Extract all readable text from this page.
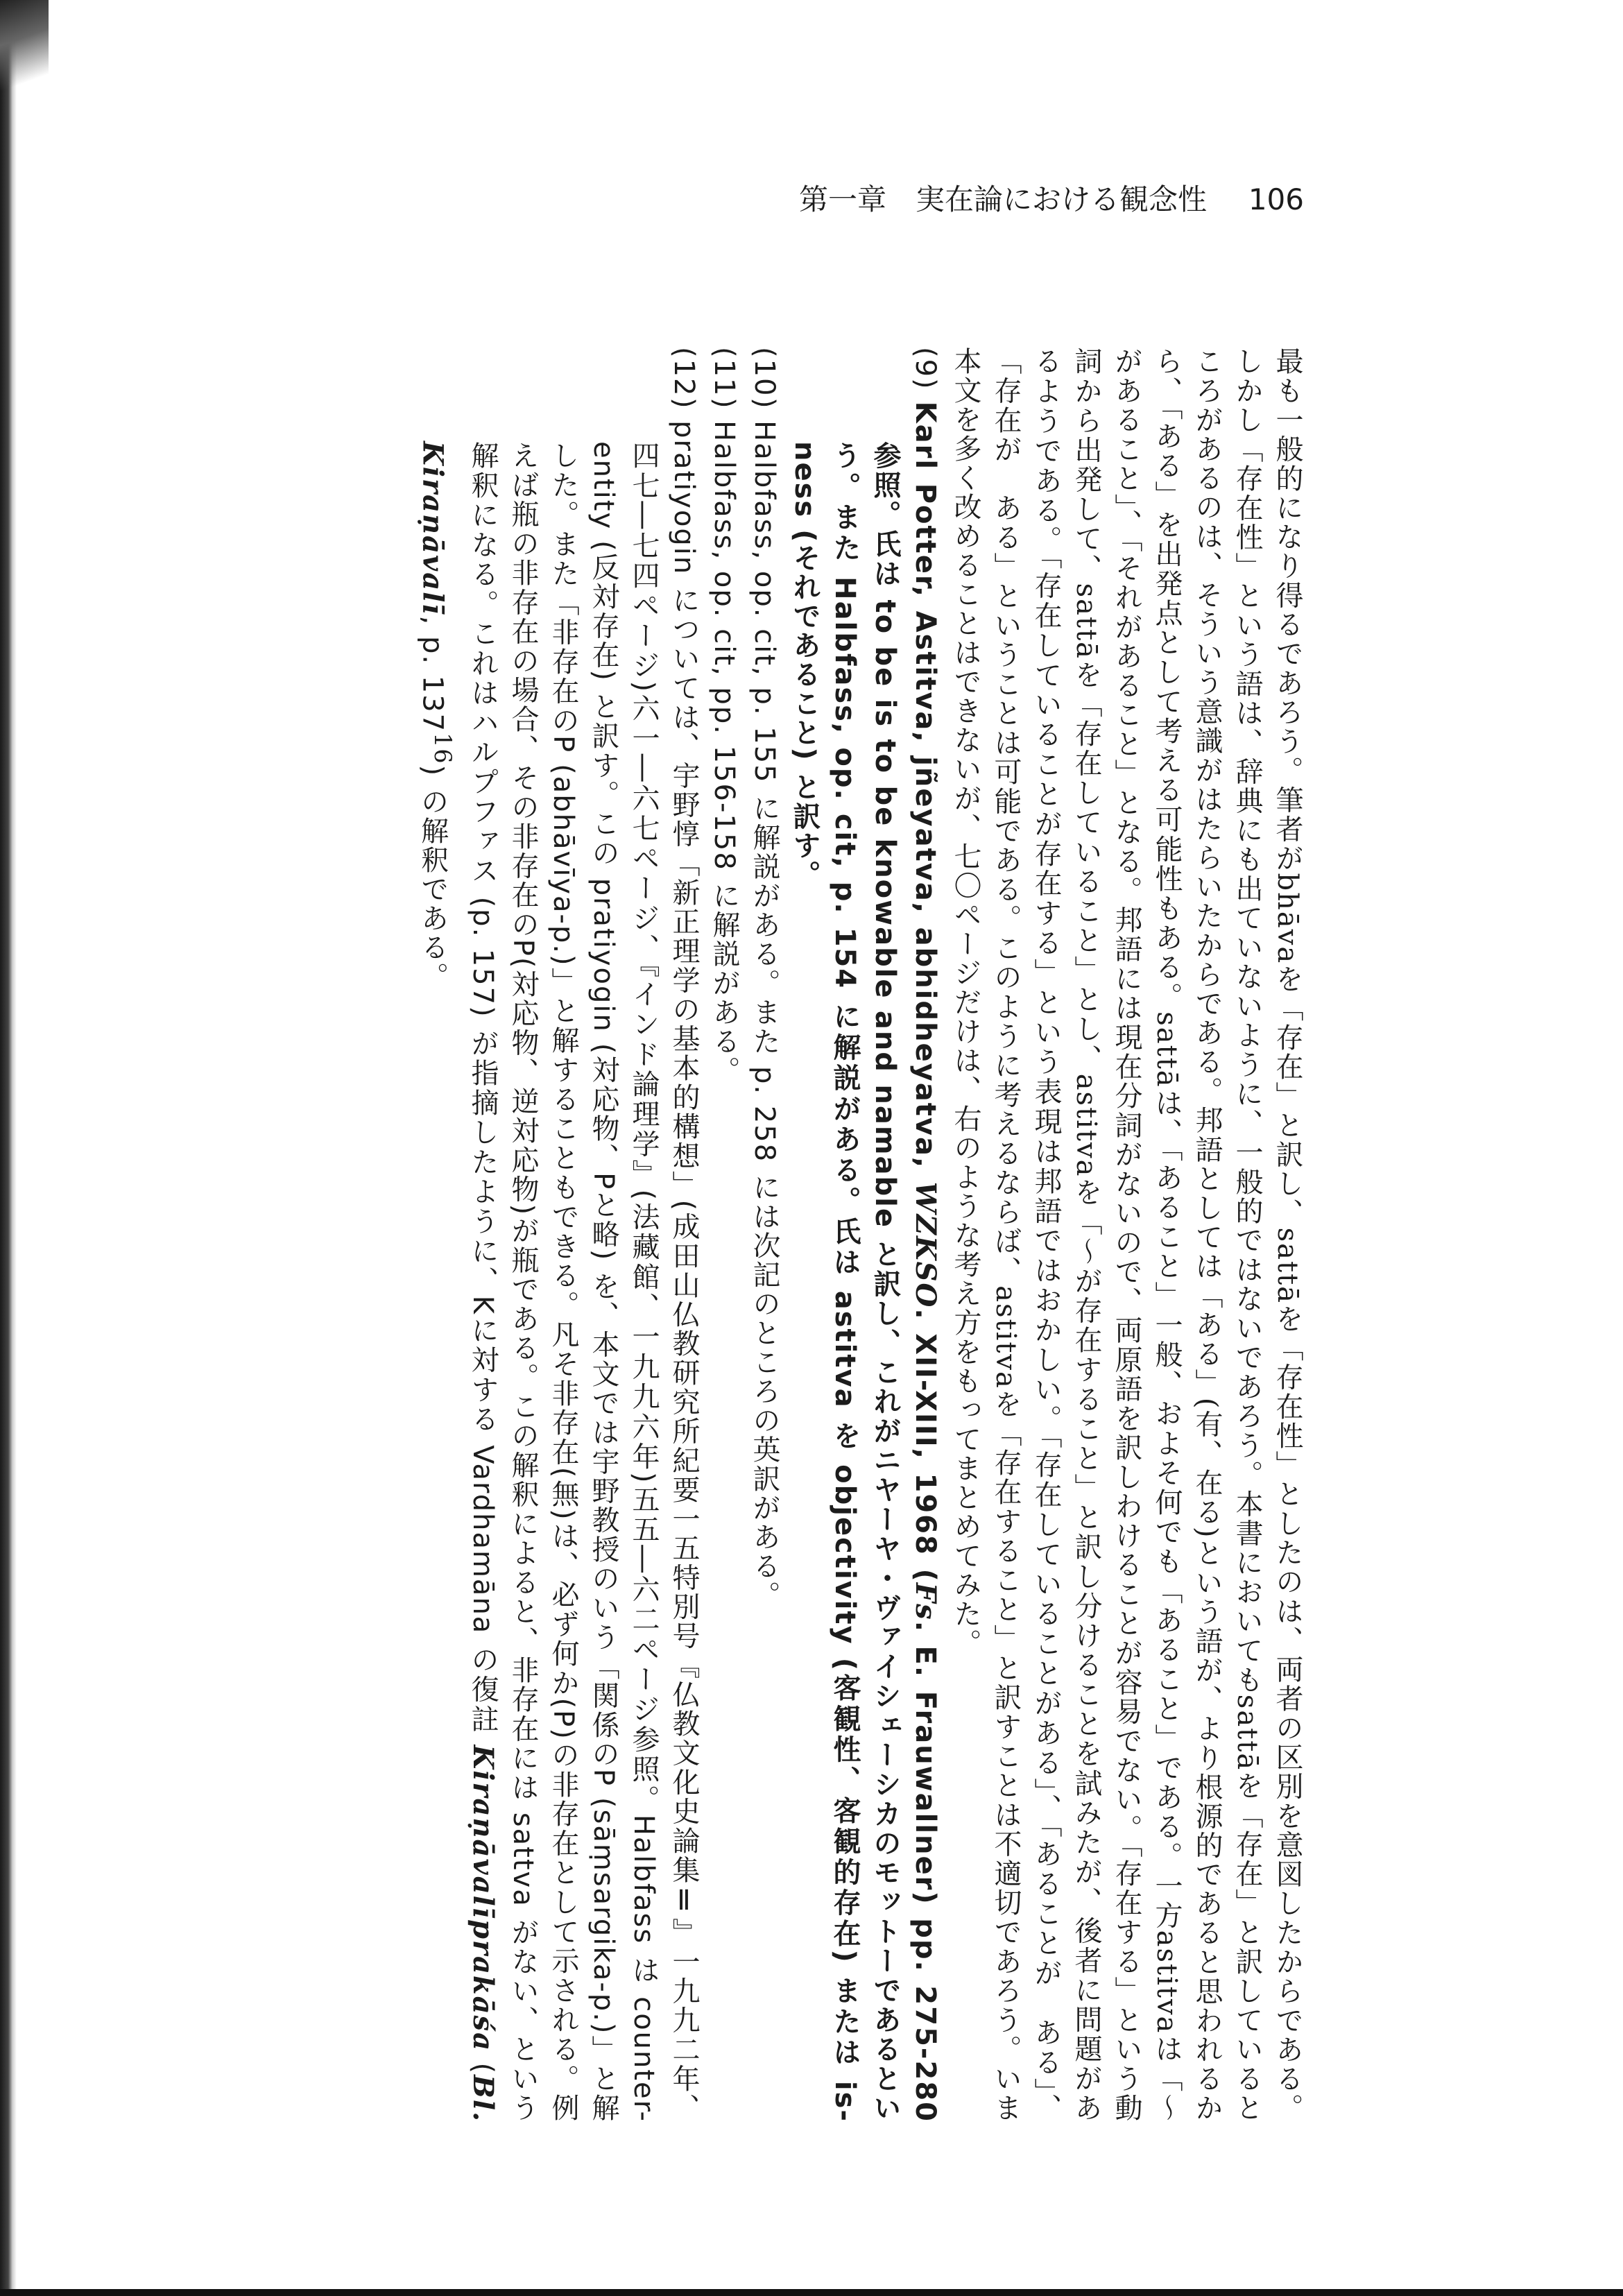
第一章　実在論における観念性 106

最も一般的になり得るであろう。筆者がbhāvaを「存在」と訳し、sattāを「存在性」としたのは、両者の区別を意図したからである。しかし「存在性」という語は、辞典にも出ていないように、一般的ではないであろう。本書においてもsattāを「存在」と訳しているところがあるのは、そういう意識がはたらいたからである。邦語としては「ある」(有、在る)という語が、より根源的であると思われるから、「ある」を出発点として考える可能性もある。sattāは、「あること」一般、およそ何でも「あること」である。一方astitvaは「～があること」、「それがあること」となる。邦語には現在分詞がないので、両原語を訳しわけることが容易でない。「存在する」という動詞から出発して、sattāを「存在していること」とし、astitvaを「～が存在すること」と訳し分けることを試みたが、後者に問題があるようである。「存在していることが存在する」という表現は邦語ではおかしい。「存在していることがある」、「あることが　ある」、「存在が　ある」ということは可能である。このように考えるならば、astitvaを「存在すること」と訳すことは不適切であろう。いま本文を多く改めることはできないが、七〇ページだけは、右のような考え方をもってまとめてみた。

( 9 )Karl Potter, Astitva, jñeyatva, abhidheyatva, WZKSO. XII-XIII, 1968 (Fs. E. Frauwallner) pp. 275-280 参照。氏は to be is to be knowable and namable と訳し、これがニヤーヤ・ヴァイシェーシカのモットーであるという。また Halbfass, op. cit, p. 154 に解説がある。氏は astitva を objectivity (客観性、客観的存在) または is-ness (それであること) と訳す。

( 10 )Halbfass, op. cit, p. 155 に解説がある。また p. 258 には次記のところの英訳がある。

( 11 )Halbfass, op. cit, pp. 156-158 に解説がある。

( 12 )pratiyogin については、宇野惇「新正理学の基本的構想」(成田山仏教研究所紀要一五特別号『仏教文化史論集Ⅱ』一九九二年、四七―七四ページ)六一―六七ページ、『インド論理学』(法藏館、一九九六年)五五―六二ページ参照。Halbfass は counter-entity (反対存在) と訳す。この pratiyogin (対応物、Pと略) を、本文では宇野教授のいう「関係のP (sāṃsargika-p.)」と解した。また「非存在のP (abhāvīya-p.)」と解することもできる。凡そ非存在(無)は、必ず何か(P)の非存在として示される。例えば瓶の非存在の場合、その非存在のP(対応物、逆対応物)が瓶である。この解釈によると、非存在には sattva がない、という解釈になる。これはハルプファス (p. 157) が指摘したように、Kに対する Vardhamāna の復註 Kiraṇāvalīprakāśa (Bl. Kiraṇāvalī, p. $137^{16}$) の解釈である。
